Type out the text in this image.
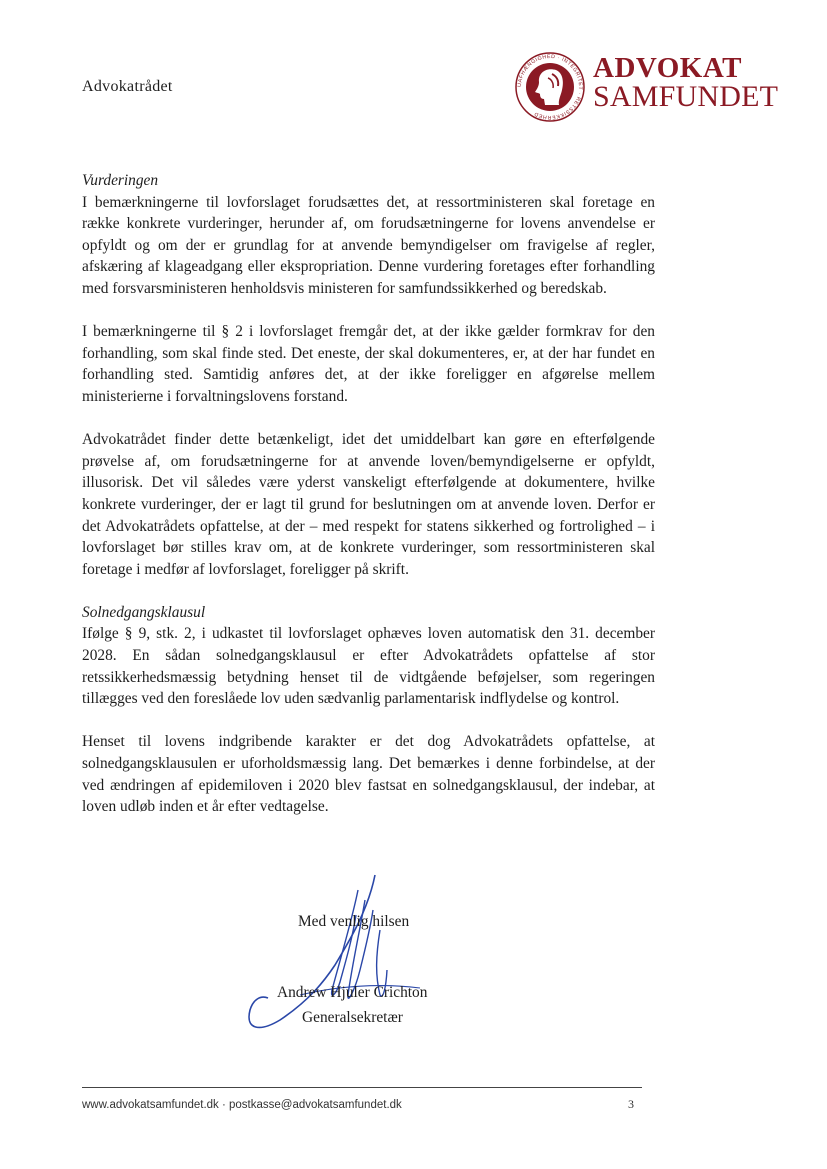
Advokatrådet	UAFHÆNGIGHED · INTEGRITET · RETSSIKKERHED
ADVOKAT
SAMFUNDET

Vurderingen

I bemærkningerne til lovforslaget forudsættes det, at ressortministeren skal foretage en række konkrete vurderinger, herunder af, om forudsætningerne for lovens anvendelse er opfyldt og om der er grundlag for at anvende bemyndigelser om fravigelse af regler, afskæring af klageadgang eller ekspropriation. Denne vurdering foretages efter forhandling med forsvarsministeren henholdsvis ministeren for samfundssikkerhed og beredskab.

I bemærkningerne til § 2 i lovforslaget fremgår det, at der ikke gælder formkrav for den forhandling, som skal finde sted. Det eneste, der skal dokumenteres, er, at der har fundet en forhandling sted. Samtidig anføres det, at der ikke foreligger en afgørelse mellem ministerierne i forvaltningslovens forstand.

Advokatrådet finder dette betænkeligt, idet det umiddelbart kan gøre en efterfølgende prøvelse af, om forudsætningerne for at anvende loven/bemyndigelserne er opfyldt, illusorisk. Det vil således være yderst vanskeligt efterfølgende at dokumentere, hvilke konkrete vurderinger, der er lagt til grund for beslutningen om at anvende loven. Derfor er det Advokatrådets opfattelse, at der – med respekt for statens sikkerhed og fortrolighed – i lovforslaget bør stilles krav om, at de konkrete vurderinger, som ressortministeren skal foretage i medfør af lovforslaget, foreligger på skrift.

Solnedgangsklausul

Ifølge § 9, stk. 2, i udkastet til lovforslaget ophæves loven automatisk den 31. december 2028. En sådan solnedgangsklausul er efter Advokatrådets opfattelse af stor retssikkerhedsmæssig betydning henset til de vidtgående beføjelser, som regeringen tillægges ved den foreslåede lov uden sædvanlig parlamentarisk indflydelse og kontrol.

Henset til lovens indgribende karakter er det dog Advokatrådets opfattelse, at solnedgangsklausulen er uforholdsmæssig lang. Det bemærkes i denne forbindelse, at der ved ændringen af epidemiloven i 2020 blev fastsat en solnedgangsklausul, der indebar, at loven udløb inden et år efter vedtagelse.

Med venlig hilsen
Andrew Hjuler Crichton
Generalsekretær
www.advokatsamfundet.dk · postkasse@advokatsamfundet.dk	3
